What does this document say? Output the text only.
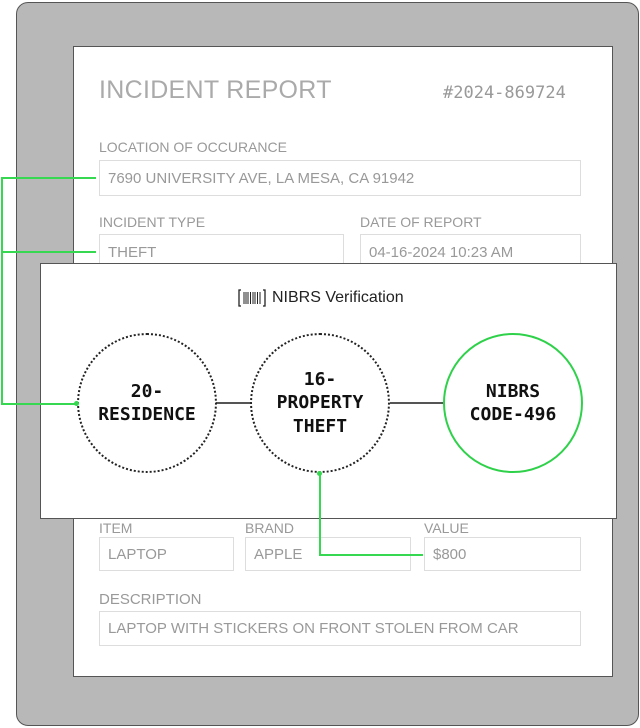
INCIDENT REPORT	#2024-869724
LOCATION OF OCCURANCE
7690 UNIVERSITY AVE, LA MESA, CA 91942
INCIDENT TYPE
THEFT
DATE OF REPORT
04-16-2024 10:23 AM
ITEM
LAPTOP
BRAND
APPLE
VALUE
$800
DESCRIPTION
LAPTOP WITH STICKERS ON FRONT STOLEN FROM CAR
NIBRS Verification
20-
RESIDENCE
16-
PROPERTY
THEFT
NIBRS
CODE-496
